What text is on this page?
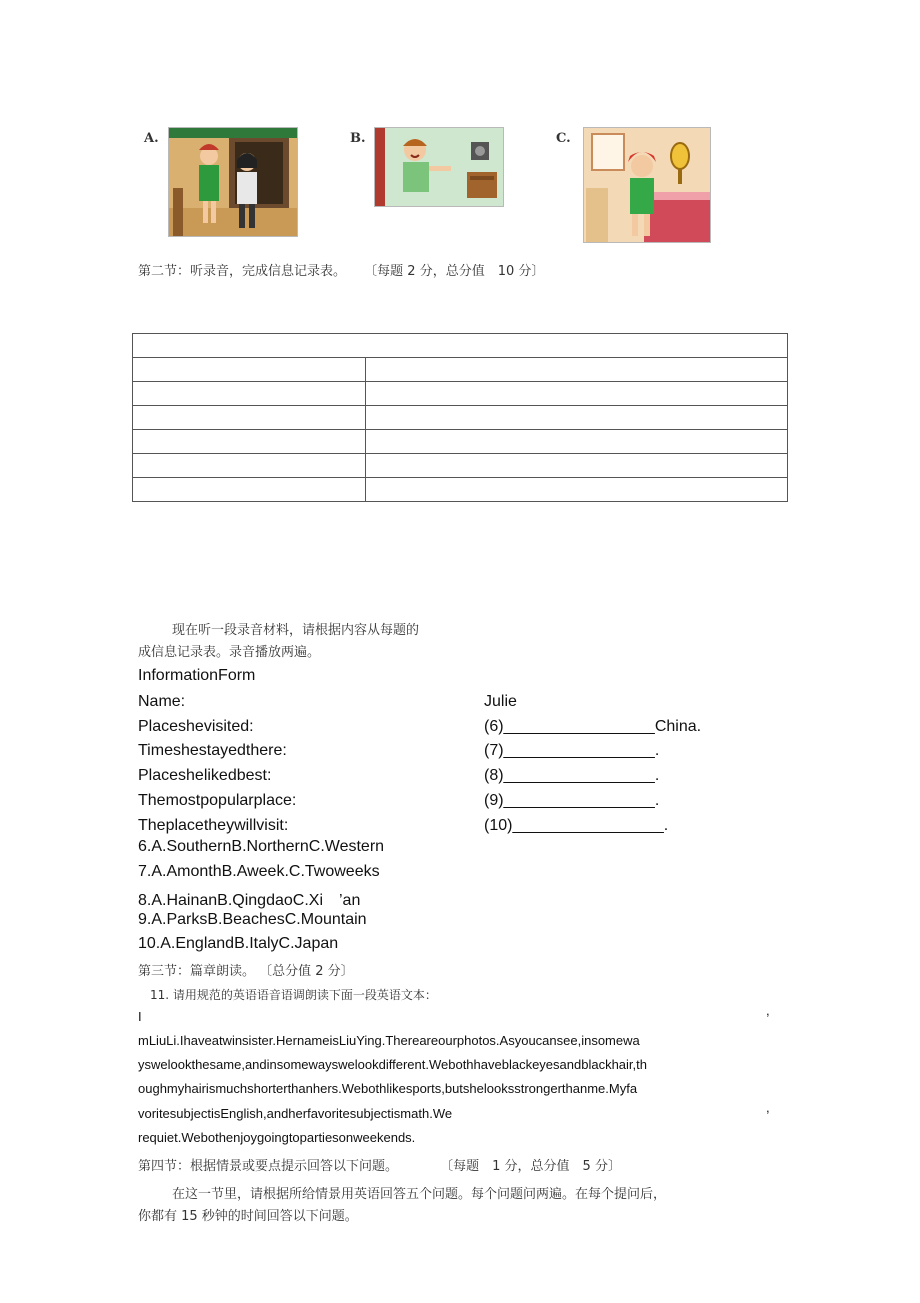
A.	B.	C.
第二节：听录音，完成信息记录表。 〔每题 2 分，总分值　10 分〕

现在听一段录音材料，请根据内容从每题的
成信息记录表。录音播放两遍。
InformationForm
Name:	Julie
Placeshevisited:	(6)_________________China.
Timeshestayedthere:	(7)_________________.
Placeshelikedbest:	(8)_________________.
Themostpopularplace:	(9)_________________.
Theplacetheywillvisit:	(10)_________________.
6.A.SouthernB.NorthernC.Western
7.A.AmonthB.Aweek.C.Twoweeks
8.A.HainanB.QingdaoC.Xi　’an
9.A.ParksB.BeachesC.Mountain
10.A.EnglandB.ItalyC.Japan
第三节：篇章朗读。 〔总分值 2 分〕
11. 请用规范的英语语音语调朗读下面一段英语文本：
I	,
mLiuLi.Ihaveatwinsister.HernameisLiuYing.Thereareourphotos.Asyoucansee,insomewa
yswelookthesame,andinsomewayswelookdifferent.Webothhaveblackeyesandblackhair,th
oughmyhairismuchshorterthanhers.Webothlikesports,butshelooksstrongerthanme.Myfa
voritesubjectisEnglish,andherfavoritesubjectismath.We	,
requiet.Webothenjoygoingtopartiesonweekends.
第四节：根据情景或要点提示回答以下问题。	〔每题　1 分，总分值　5 分〕
在这一节里，请根据所给情景用英语回答五个问题。每个问题问两遍。在每个提问后，
你都有 15 秒钟的时间回答以下问题。
